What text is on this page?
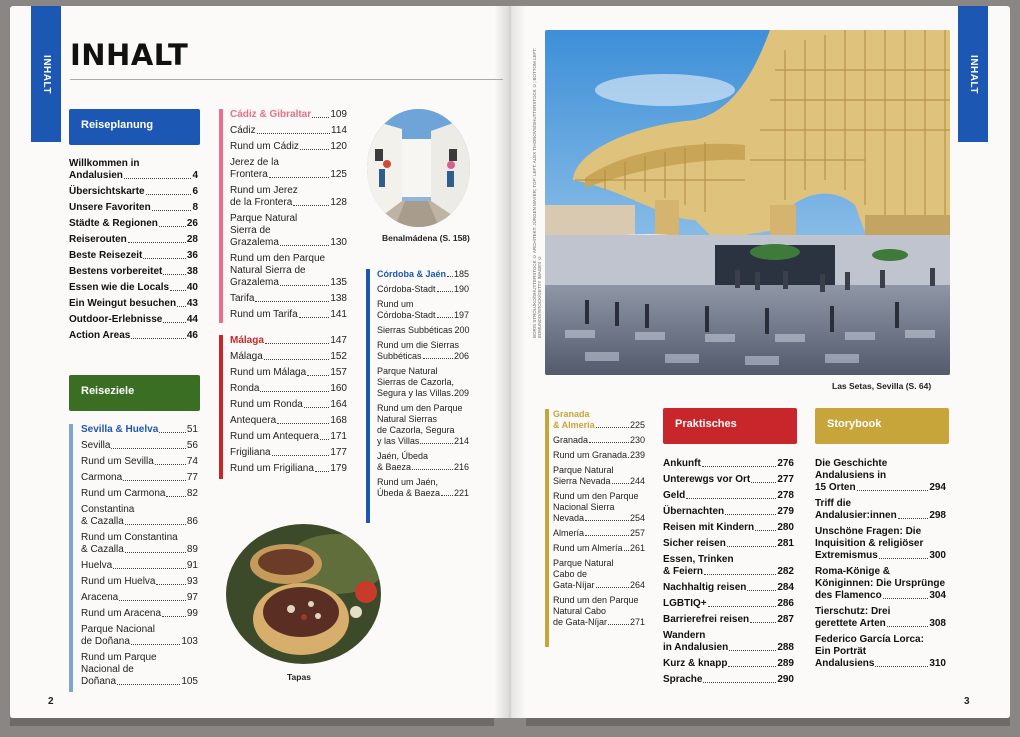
INHALT	INHALT
INHALT
Reiseplanung
Willkommen in
Andalusien	4
Übersichtskarte	6
Unsere Favoriten	8
Städte & Regionen	26
Reiserouten	28
Beste Reisezeit	36
Bestens vorbereitet 38
Essen wie die Locals 40
Ein Weingut besuchen 43
Outdoor-Erlebnisse 44
Action Areas	46
Reiseziele
Sevilla & Huelva	51
Sevilla	56
Rund um Sevilla	74
Carmona	77
Rund um Carmona 82
Constantina
& Cazalla	86
Rund um Constantina
& Cazalla	89
Huelva	91
Rund um Huelva	93
Aracena	97
Rund um Aracena	99
Parque Nacional
de Doñana	103
Rund um Parque
Nacional de
Doñana	105
Cádiz & Gibraltar 109
Cádiz	114
Rund um Cádiz	120
Jerez de la
Frontera	125
Rund um Jerez
de la Frontera	128
Parque Natural
Sierra de
Grazalema	130
Rund um den Parque
Natural Sierra de
Grazalema	135
Tarifa	138
Rund um Tarifa	141
Málaga	147
Málaga	152
Rund um Málaga 157
Ronda	160
Rund um Ronda	164
Antequera	168
Rund um Antequera 171
Frigiliana	177
Rund um Frigiliana 179
Córdoba & Jaén 185
Córdoba-Stadt 190
Rund um
Córdoba-Stadt 197
Sierras Subbéticas 200
Rund um die Sierras
Subbéticas	206
Parque Natural
Sierras de Cazorla,
Segura y las Villas 209
Rund um den Parque
Natural Sierras
de Cazorla, Segura
y las Villas	214
Jaén, Úbeda
& Baeza	216
Rund um Jaén,
Úbeda & Baeza 221
Benalmádena (S. 158)
Tapas
2
BORIS STROUJKO/SHUTTERSTOCK © ARCHITEKT: JÜRGEN MAYER; TOP: LEFT: ALEX TIHONOVS/SHUTTERSTOCK ©; BOTTOM LEFT: EDMUNDO/ISTOCK/GETTY IMAGES ©
Las Setas, Sevilla (S. 64)
Granada
& Almería	225
Granada	230
Rund um Granada 239
Parque Natural
Sierra Nevada 244
Rund um den Parque
Nacional Sierra
Nevada	254
Almería	257
Rund um Almería 261
Parque Natural
Cabo de
Gata-Níjar	264
Rund um den Parque
Natural Cabo
de Gata-Níjar	271
Praktisches
Ankunft	276
Unterewgs vor Ort	277
Geld	278
Übernachten	279
Reisen mit Kindern 280
Sicher reisen	281
Essen, Trinken
& Feiern	282
Nachhaltig reisen	284
LGBTIQ+	286
Barrierefrei reisen	287
Wandern
in Andalusien	288
Kurz & knapp	289
Sprache	290
Storybook
Die Geschichte
Andalusiens in
15 Orten	294
Triff die
Andalusier:innen	298
Unschöne Fragen: Die
Inquisition & religiöser
Extremismus	300
Roma-Könige &
Königinnen: Die Ursprünge
des Flamenco	304
Tierschutz: Drei
gerettete Arten	308
Federico García Lorca:
Ein Porträt
Andalusiens	310
3
